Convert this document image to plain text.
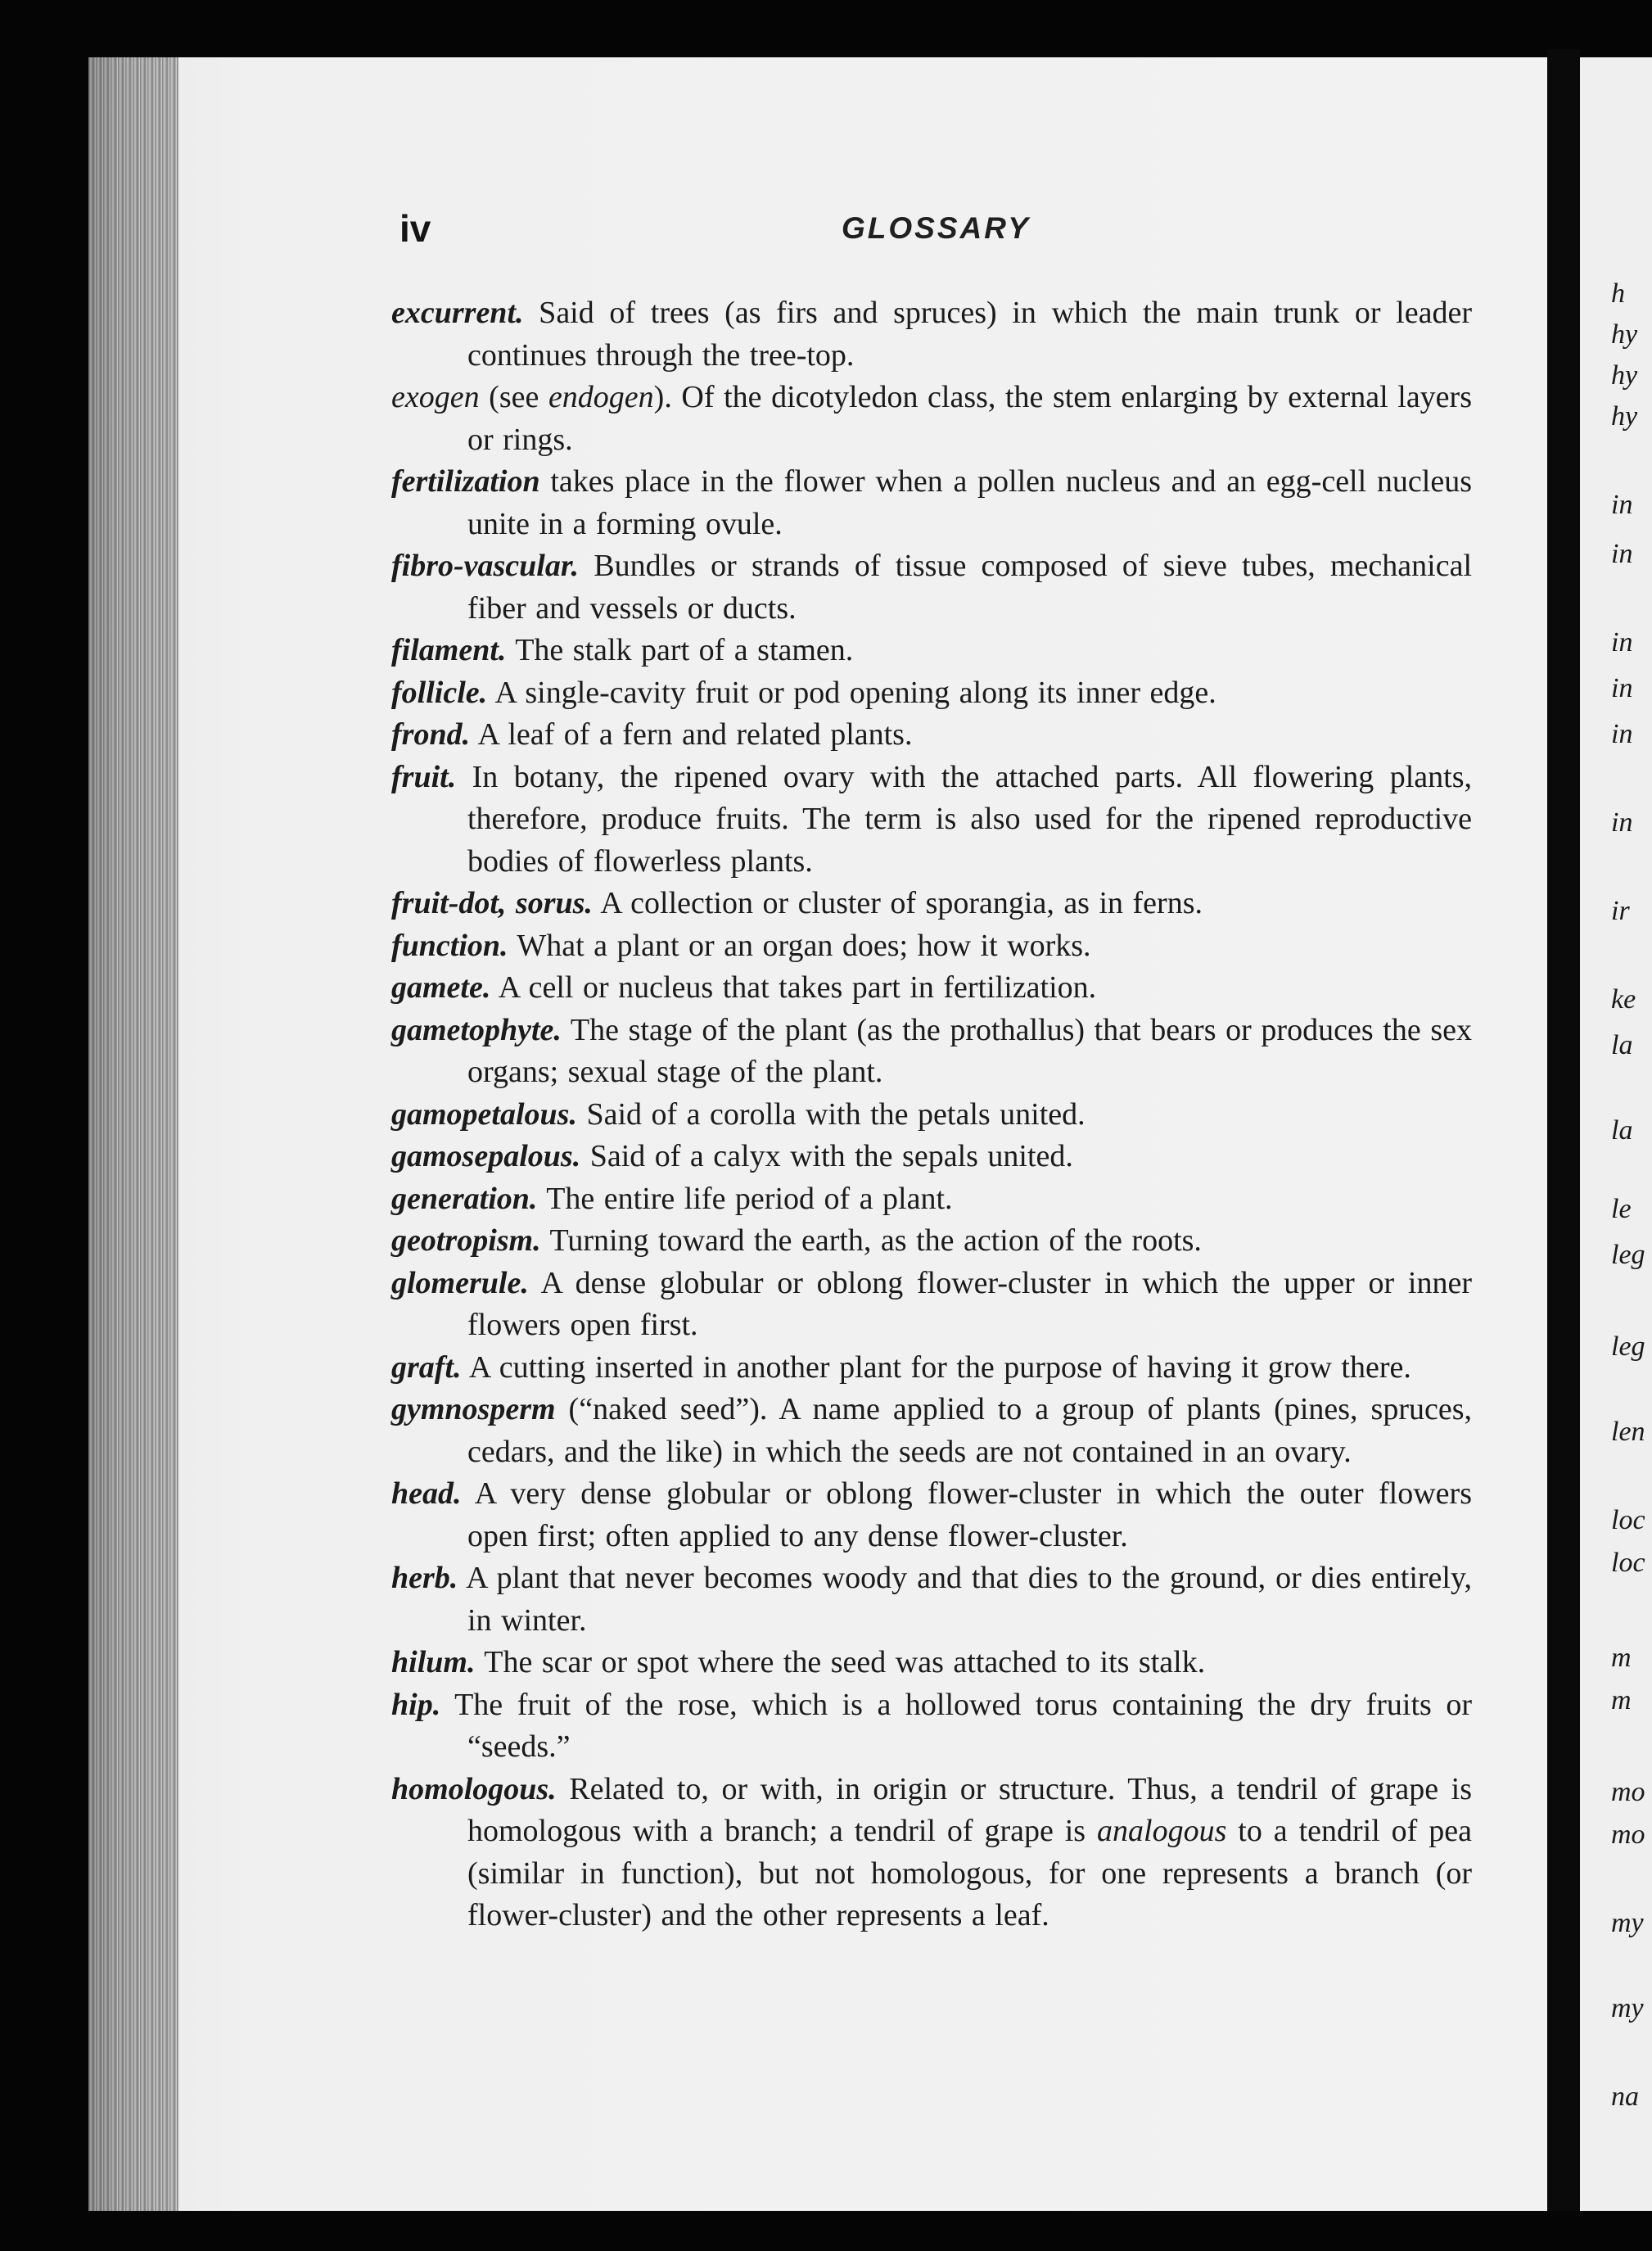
h
hy
hy
hy
in
in
in
in
in
in
ir
ke
la
la
le
leg
leg
len
loc
loc
m
m
mo
mo
my
my
na
iv	GLOSSARY
excurrent. Said of trees (as firs and spruces) in which the main trunk or leader continues through the tree-top.
exogen (see endogen). Of the dicotyledon class, the stem enlarging by external layers or rings.
fertilization takes place in the flower when a pollen nucleus and an egg-cell nucleus unite in a forming ovule.
fibro-vascular. Bundles or strands of tissue composed of sieve tubes, mechanical fiber and vessels or ducts.
filament. The stalk part of a stamen.
follicle. A single-cavity fruit or pod opening along its inner edge.
frond. A leaf of a fern and related plants.
fruit. In botany, the ripened ovary with the attached parts. All flowering plants, therefore, produce fruits. The term is also used for the ripened reproductive bodies of flowerless plants.
fruit-dot, sorus. A collection or cluster of sporangia, as in ferns.
function. What a plant or an organ does; how it works.
gamete. A cell or nucleus that takes part in fertilization.
gametophyte. The stage of the plant (as the prothallus) that bears or produces the sex organs; sexual stage of the plant.
gamopetalous. Said of a corolla with the petals united.
gamosepalous. Said of a calyx with the sepals united.
generation. The entire life period of a plant.
geotropism. Turning toward the earth, as the action of the roots.
glomerule. A dense globular or oblong flower-cluster in which the upper or inner flowers open first.
graft. A cutting inserted in another plant for the purpose of having it grow there.
gymnosperm (“naked seed”). A name applied to a group of plants (pines, spruces, cedars, and the like) in which the seeds are not contained in an ovary.
head. A very dense globular or oblong flower-cluster in which the outer flowers open first; often applied to any dense flower-cluster.
herb. A plant that never becomes woody and that dies to the ground, or dies entirely, in winter.
hilum. The scar or spot where the seed was attached to its stalk.
hip. The fruit of the rose, which is a hollowed torus containing the dry fruits or “seeds.”
homologous. Related to, or with, in origin or structure. Thus, a tendril of grape is homologous with a branch; a tendril of grape is analogous to a tendril of pea (similar in function), but not homologous, for one represents a branch (or flower-cluster) and the other represents a leaf.
